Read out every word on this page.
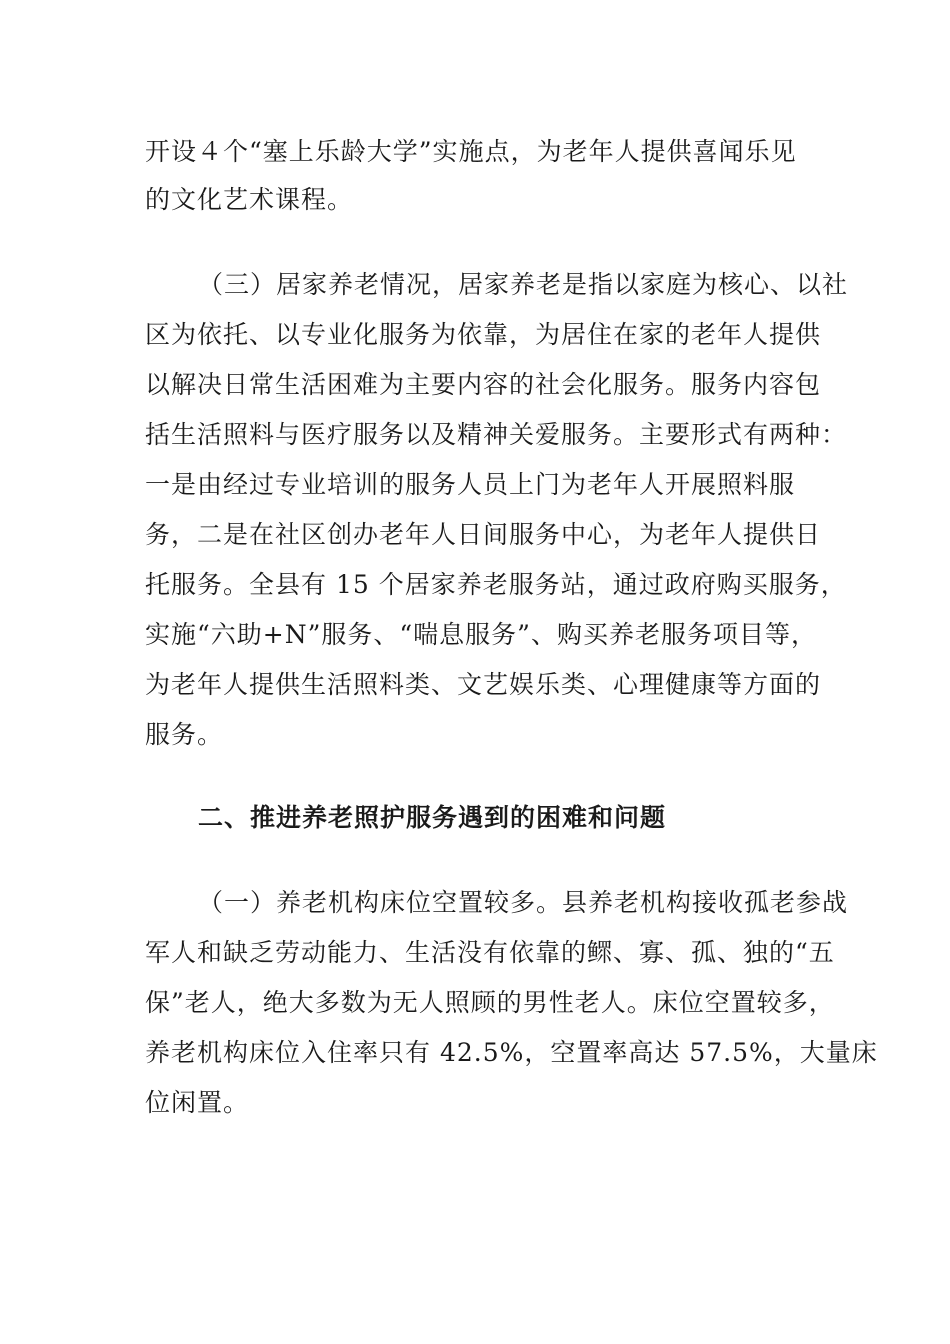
开设４个“塞上乐龄大学”实施点，为老年人提供喜闻乐见
的文化艺术课程。
（三）居家养老情况，居家养老是指以家庭为核心、以社
区为依托、以专业化服务为依靠，为居住在家的老年人提供
以解决日常生活困难为主要内容的社会化服务。服务内容包
括生活照料与医疗服务以及精神关爱服务。主要形式有两种：
一是由经过专业培训的服务人员上门为老年人开展照料服
务，二是在社区创办老年人日间服务中心，为老年人提供日
托服务。全县有 15 个居家养老服务站，通过政府购买服务，
实施“六助+N”服务、“喘息服务”、购买养老服务项目等，
为老年人提供生活照料类、文艺娱乐类、心理健康等方面的
服务。
二、推进养老照护服务遇到的困难和问题
（一）养老机构床位空置较多。县养老机构接收孤老参战
军人和缺乏劳动能力、生活没有依靠的鳏、寡、孤、独的“五
保”老人，绝大多数为无人照顾的男性老人。床位空置较多，
养老机构床位入住率只有 42.5%，空置率高达 57.5%，大量床
位闲置。
